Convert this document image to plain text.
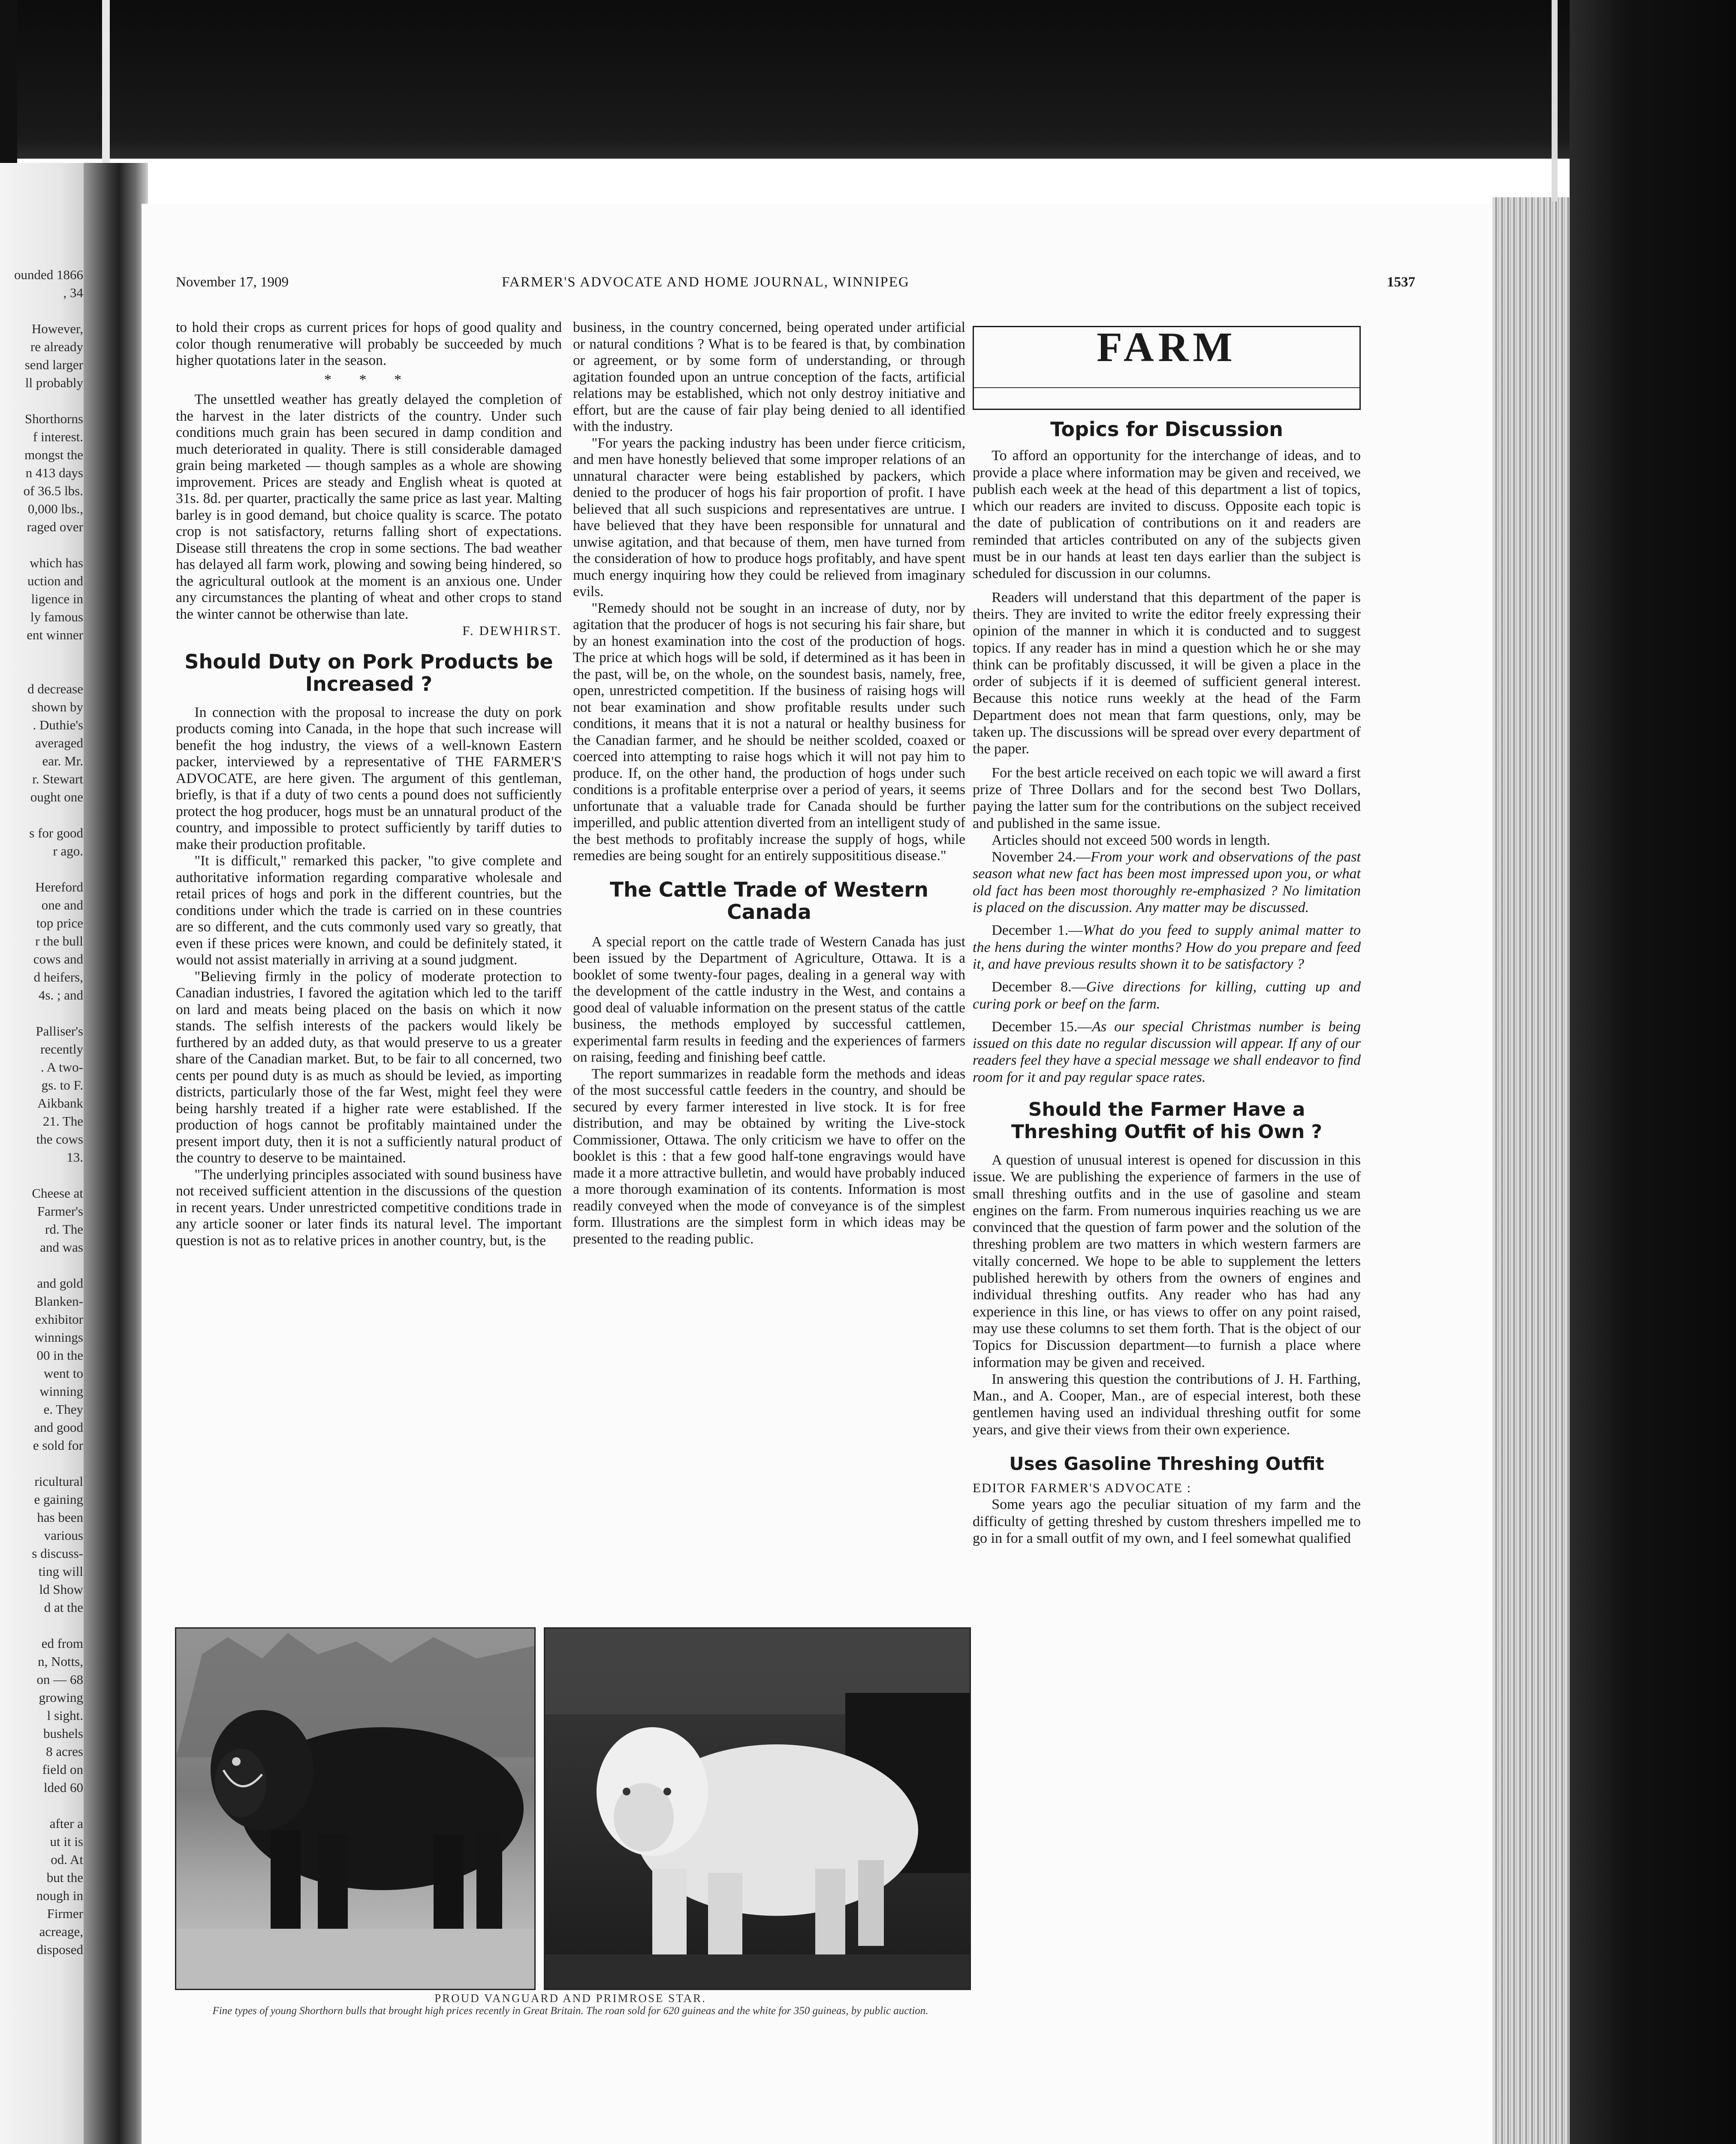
ounded 1866

, 34

However,

re already

send larger

ll probably

Shorthorns

f interest.

mongst the

n 413 days

of 36.5 lbs.

0,000 lbs.,

raged over

which has

uction and

ligence in

ly famous

ent winner

d decrease

shown by

. Duthie's

averaged

ear. Mr.

r. Stewart

ought one

s for good

r ago.

Hereford

one and

top price

r the bull

cows and

d heifers,

4s. ; and

Palliser's

recently

. A two-

gs. to F.

Aikbank

21. The

the cows

13.

Cheese at

Farmer's

rd. The

and was

and gold

Blanken-

exhibitor

winnings

00 in the

went to

winning

e. They

and good

e sold for

ricultural

e gaining

has been

various

s discuss-

ting will

ld Show

d at the

ed from

n, Notts,

on — 68

growing

l sight.

bushels

8 acres

field on

lded 60

after a

ut it is

od. At

but the

nough in

Firmer

acreage,

disposed

November 17, 1909	FARMER'S ADVOCATE AND HOME JOURNAL, WINNIPEG	1537

to hold their crops as current prices for hops of good quality and color though renumerative will probably be succeeded by much higher quotations later in the season.

* * *

The unsettled weather has greatly delayed the completion of the harvest in the later districts of the country. Under such conditions much grain has been secured in damp condition and much deteriorated in quality. There is still considerable damaged grain being marketed — though samples as a whole are showing improvement. Prices are steady and English wheat is quoted at 31s. 8d. per quarter, practically the same price as last year. Malting barley is in good demand, but choice quality is scarce. The potato crop is not satisfactory, returns falling short of expectations. Disease still threatens the crop in some sections. The bad weather has delayed all farm work, plowing and sowing being hindered, so the agricultural outlook at the moment is an anxious one. Under any circumstances the planting of wheat and other crops to stand the winter cannot be otherwise than late.

F. DEWHIRST.
Should Duty on Pork Products be Increased ?

In connection with the proposal to increase the duty on pork products coming into Canada, in the hope that such increase will benefit the hog industry, the views of a well-known Eastern packer, interviewed by a representative of THE FARMER'S ADVOCATE, are here given. The argument of this gentleman, briefly, is that if a duty of two cents a pound does not sufficiently protect the hog producer, hogs must be an unnatural product of the country, and impossible to protect sufficiently by tariff duties to make their production profitable.

"It is difficult," remarked this packer, "to give complete and authoritative information regarding comparative wholesale and retail prices of hogs and pork in the different countries, but the conditions under which the trade is carried on in these countries are so different, and the cuts commonly used vary so greatly, that even if these prices were known, and could be definitely stated, it would not assist materially in arriving at a sound judgment.

"Believing firmly in the policy of moderate protection to Canadian industries, I favored the agitation which led to the tariff on lard and meats being placed on the basis on which it now stands. The selfish interests of the packers would likely be furthered by an added duty, as that would preserve to us a greater share of the Canadian market. But, to be fair to all concerned, two cents per pound duty is as much as should be levied, as importing districts, particularly those of the far West, might feel they were being harshly treated if a higher rate were established. If the production of hogs cannot be profitably maintained under the present import duty, then it is not a sufficiently natural product of the country to deserve to be maintained.

"The underlying principles associated with sound business have not received sufficient attention in the discussions of the question in recent years. Under unrestricted competitive conditions trade in any article sooner or later finds its natural level. The important question is not as to relative prices in another country, but, is the

business, in the country concerned, being operated under artificial or natural conditions ? What is to be feared is that, by combination or agreement, or by some form of understanding, or through agitation founded upon an untrue conception of the facts, artificial relations may be established, which not only destroy initiative and effort, but are the cause of fair play being denied to all identified with the industry.

"For years the packing industry has been under fierce criticism, and men have honestly believed that some improper relations of an unnatural character were being established by packers, which denied to the producer of hogs his fair proportion of profit. I have believed that all such suspicions and representatives are untrue. I have believed that they have been responsible for unnatural and unwise agitation, and that because of them, men have turned from the consideration of how to produce hogs profitably, and have spent much energy inquiring how they could be relieved from imaginary evils.

"Remedy should not be sought in an increase of duty, nor by agitation that the producer of hogs is not securing his fair share, but by an honest examination into the cost of the production of hogs. The price at which hogs will be sold, if determined as it has been in the past, will be, on the whole, on the soundest basis, namely, free, open, unrestricted competition. If the business of raising hogs will not bear examination and show profitable results under such conditions, it means that it is not a natural or healthy business for the Canadian farmer, and he should be neither scolded, coaxed or coerced into attempting to raise hogs which it will not pay him to produce. If, on the other hand, the production of hogs under such conditions is a profitable enterprise over a period of years, it seems unfortunate that a valuable trade for Canada should be further imperilled, and public attention diverted from an intelligent study of the best methods to profitably increase the supply of hogs, while remedies are being sought for an entirely supposititious disease."

The Cattle Trade of Western Canada

A special report on the cattle trade of Western Canada has just been issued by the Department of Agriculture, Ottawa. It is a booklet of some twenty-four pages, dealing in a general way with the development of the cattle industry in the West, and contains a good deal of valuable information on the present status of the cattle business, the methods employed by successful cattlemen, experimental farm results in feeding and the experiences of farmers on raising, feeding and finishing beef cattle.

The report summarizes in readable form the methods and ideas of the most successful cattle feeders in the country, and should be secured by every farmer interested in live stock. It is for free distribution, and may be obtained by writing the Live-stock Commissioner, Ottawa. The only criticism we have to offer on the booklet is this : that a few good half-tone engravings would have made it a more attractive bulletin, and would have probably induced a more thorough examination of its contents. Information is most readily conveyed when the mode of conveyance is of the simplest form. Illustrations are the simplest form in which ideas may be presented to the reading public.

FARM
Topics for Discussion

To afford an opportunity for the interchange of ideas, and to provide a place where information may be given and received, we publish each week at the head of this department a list of topics, which our readers are invited to discuss. Opposite each topic is the date of publication of contributions on it and readers are reminded that articles contributed on any of the subjects given must be in our hands at least ten days earlier than the subject is scheduled for discussion in our columns.

Readers will understand that this department of the paper is theirs. They are invited to write the editor freely expressing their opinion of the manner in which it is conducted and to suggest topics. If any reader has in mind a question which he or she may think can be profitably discussed, it will be given a place in the order of subjects if it is deemed of sufficient general interest. Because this notice runs weekly at the head of the Farm Department does not mean that farm questions, only, may be taken up. The discussions will be spread over every department of the paper.

For the best article received on each topic we will award a first prize of Three Dollars and for the second best Two Dollars, paying the latter sum for the contributions on the subject received and published in the same issue.

Articles should not exceed 500 words in length.

November 24.—From your work and observations of the past season what new fact has been most impressed upon you, or what old fact has been most thoroughly re-emphasized ? No limitation is placed on the discussion. Any matter may be discussed.

December 1.—What do you feed to supply animal matter to the hens during the winter months? How do you prepare and feed it, and have previous results shown it to be satisfactory ?

December 8.—Give directions for killing, cutting up and curing pork or beef on the farm.

December 15.—As our special Christmas number is being issued on this date no regular discussion will appear. If any of our readers feel they have a special message we shall endeavor to find room for it and pay regular space rates.

Should the Farmer Have a Threshing Outfit of his Own ?

A question of unusual interest is opened for discussion in this issue. We are publishing the experience of farmers in the use of small threshing outfits and in the use of gasoline and steam engines on the farm. From numerous inquiries reaching us we are convinced that the question of farm power and the solution of the threshing problem are two matters in which western farmers are vitally concerned. We hope to be able to supplement the letters published herewith by others from the owners of engines and individual threshing outfits. Any reader who has had any experience in this line, or has views to offer on any point raised, may use these columns to set them forth. That is the object of our Topics for Discussion department—to furnish a place where information may be given and received.

In answering this question the contributions of J. H. Farthing, Man., and A. Cooper, Man., are of especial interest, both these gentlemen having used an individual threshing outfit for some years, and give their views from their own experience.

Uses Gasoline Threshing Outfit

EDITOR FARMER'S ADVOCATE :

Some years ago the peculiar situation of my farm and the difficulty of getting threshed by custom threshers impelled me to go in for a small outfit of my own, and I feel somewhat qualified

PROUD VANGUARD AND PRIMROSE STAR.
Fine types of young Shorthorn bulls that brought high prices recently in Great Britain. The roan sold for 620 guineas and the white for 350 guineas, by public auction.
